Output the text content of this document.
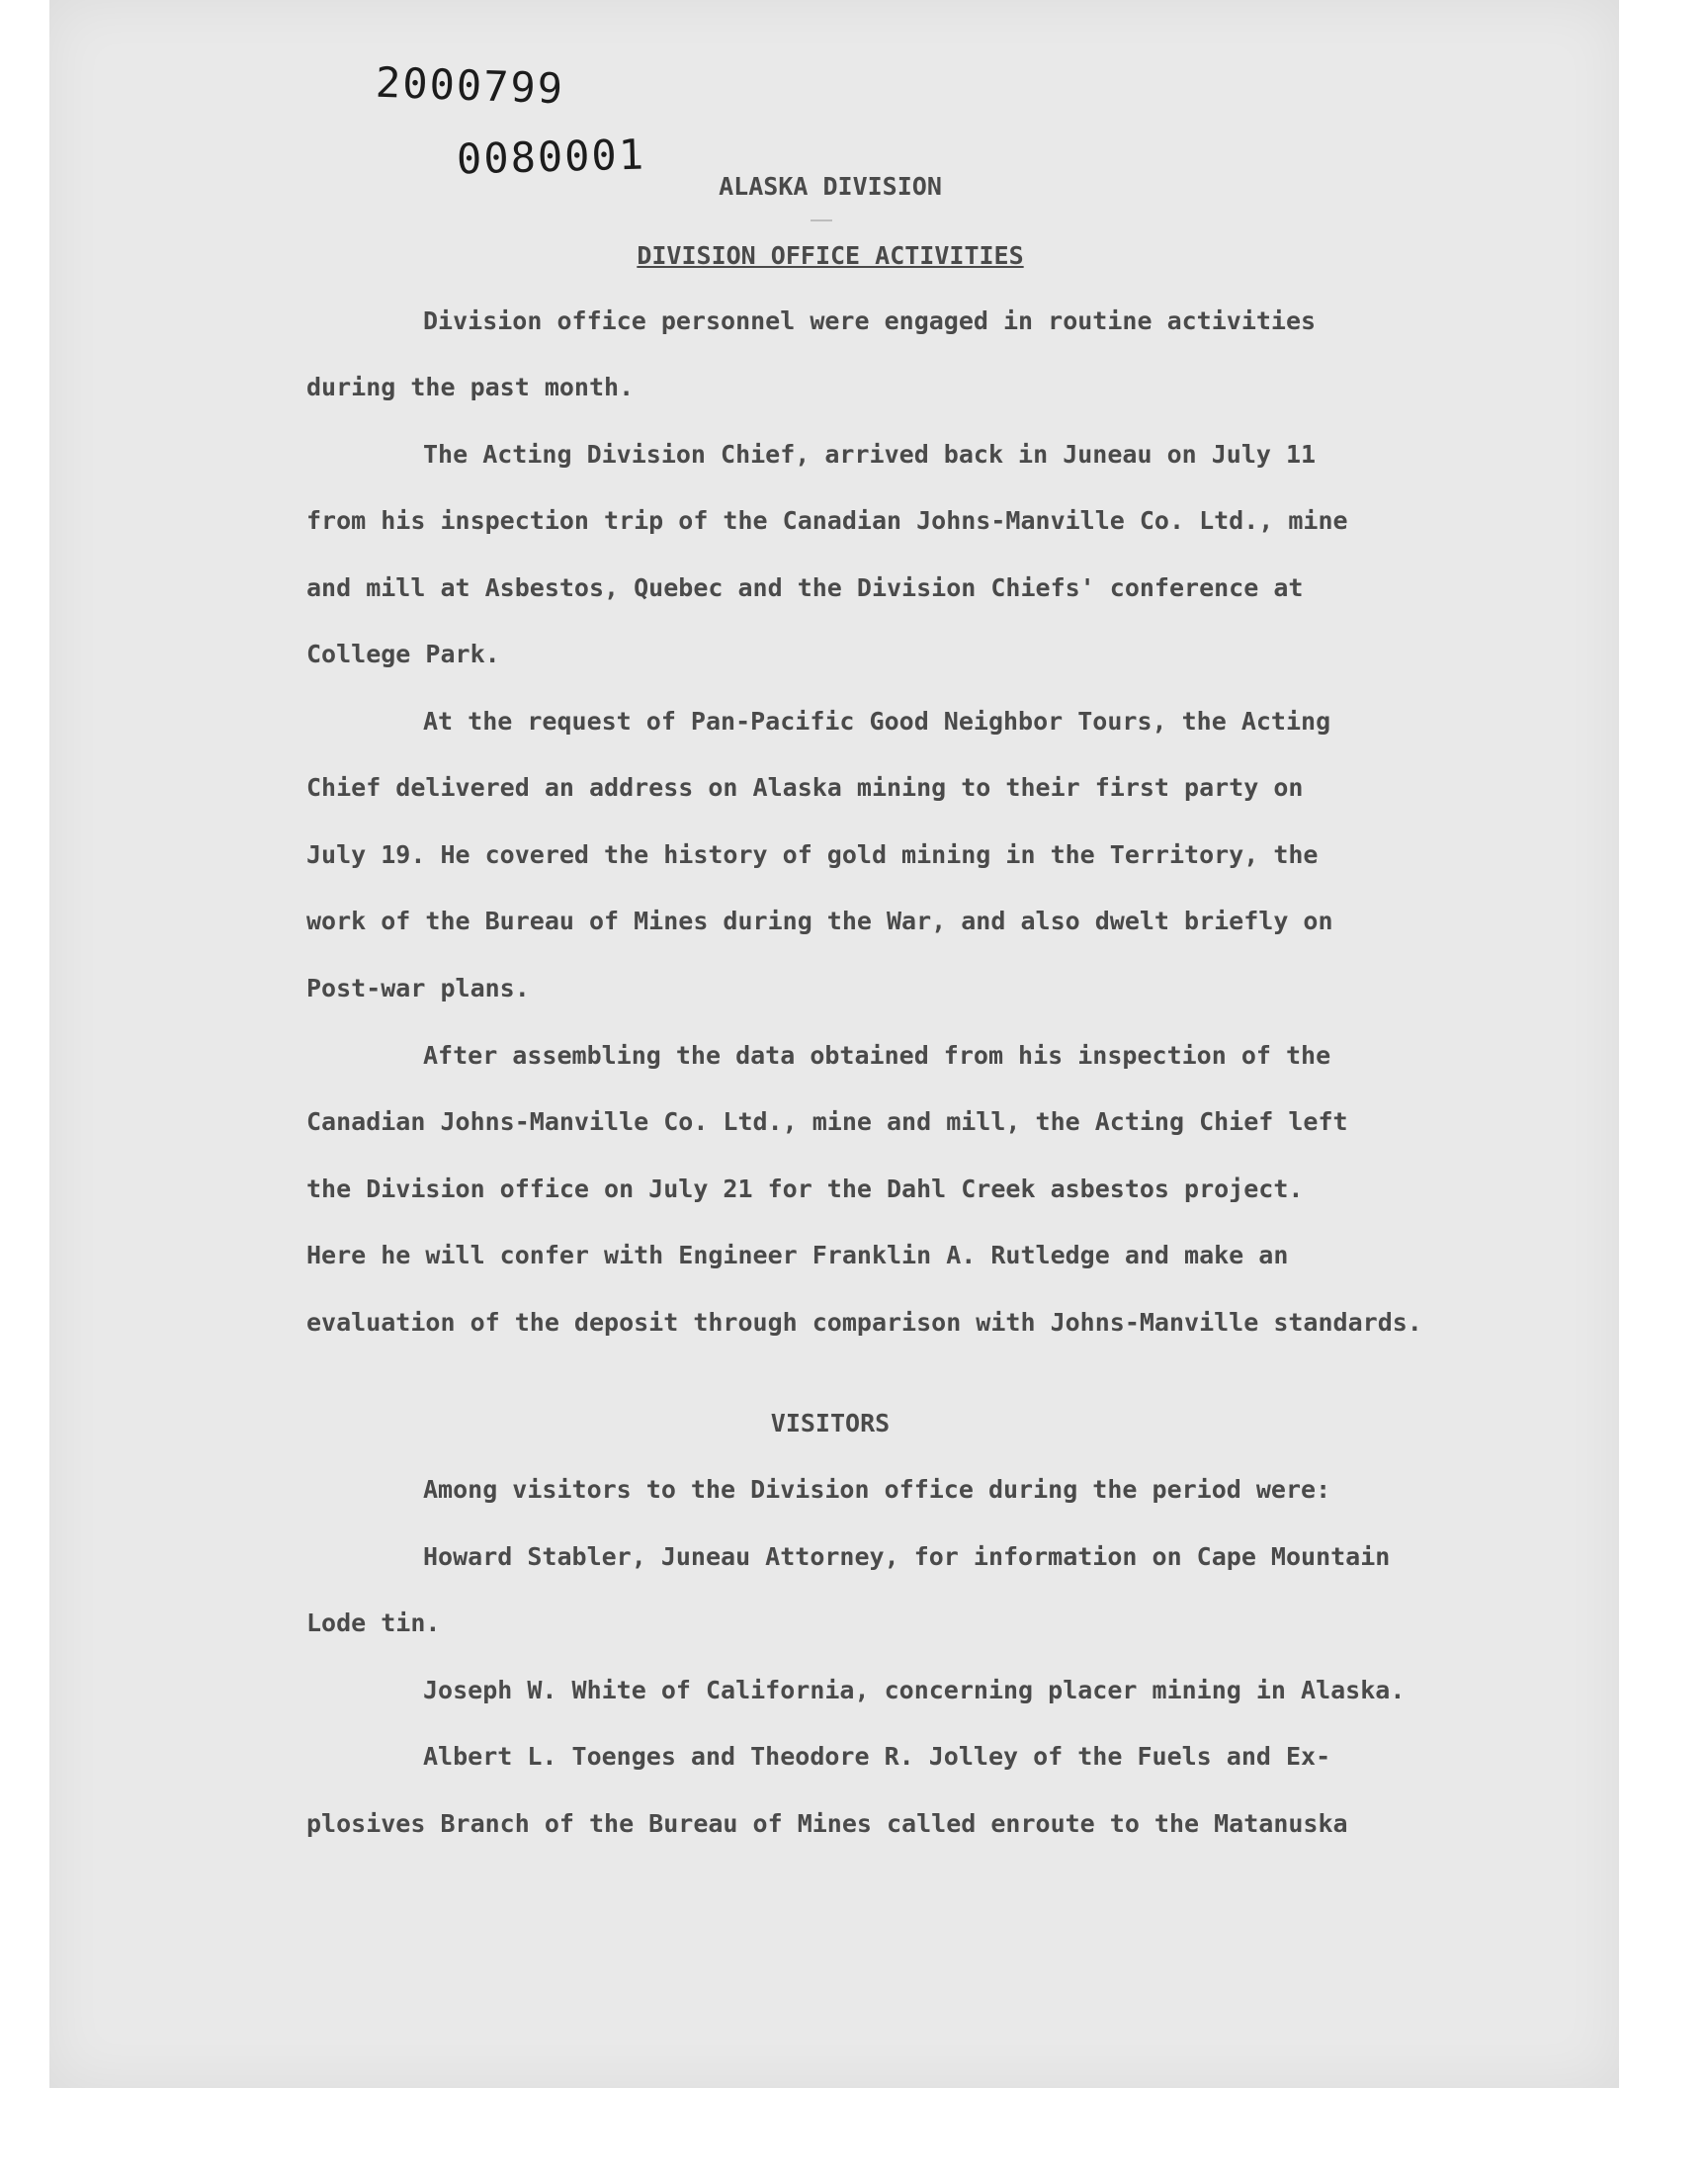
2000799
0080001
ALASKA DIVISION
DIVISION OFFICE ACTIVITIES
Division office personnel were engaged in routine activities
during the past month.
The Acting Division Chief, arrived back in Juneau on July 11
from his inspection trip of the Canadian Johns-Manville Co. Ltd., mine
and mill at Asbestos, Quebec and the Division Chiefs' conference at
College Park.
At the request of Pan-Pacific Good Neighbor Tours, the Acting
Chief delivered an address on Alaska mining to their first party on
July 19. He covered the history of gold mining in the Territory, the
work of the Bureau of Mines during the War, and also dwelt briefly on
Post-war plans.
After assembling the data obtained from his inspection of the
Canadian Johns-Manville Co. Ltd., mine and mill, the Acting Chief left
the Division office on July 21 for the Dahl Creek asbestos project.
Here he will confer with Engineer Franklin A. Rutledge and make an
evaluation of the deposit through comparison with Johns-Manville standards.
VISITORS
Among visitors to the Division office during the period were:
Howard Stabler, Juneau Attorney, for information on Cape Mountain
Lode tin.
Joseph W. White of California, concerning placer mining in Alaska.
Albert L. Toenges and Theodore R. Jolley of the Fuels and Ex-
plosives Branch of the Bureau of Mines called enroute to the Matanuska
